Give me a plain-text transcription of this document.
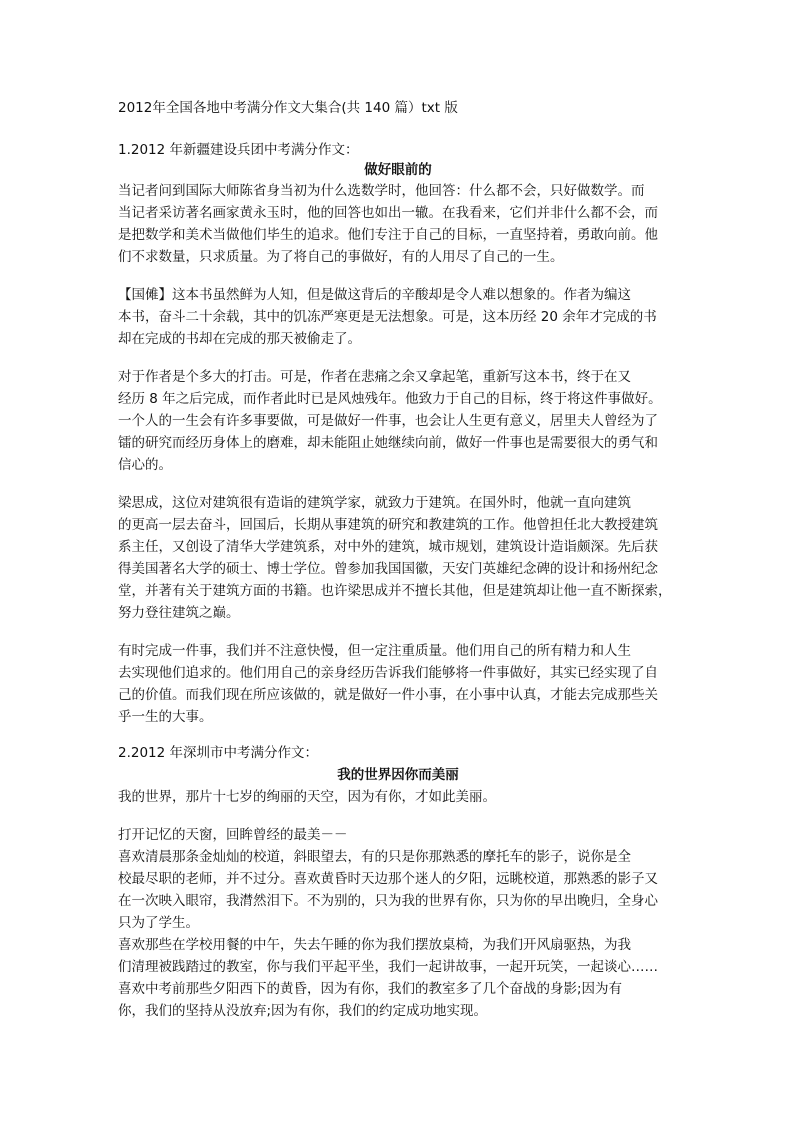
2012年全国各地中考满分作文大集合(共 140 篇）txt 版
1.2012 年新疆建设兵团中考满分作文：
做好眼前的
当记者问到国际大师陈省身当初为什么选数学时，他回答：什么都不会，只好做数学。而
当记者采访著名画家黄永玉时，他的回答也如出一辙。在我看来，它们并非什么都不会，而
是把数学和美术当做他们毕生的追求。他们专注于自己的目标，一直坚持着，勇敢向前。他
们不求数量，只求质量。为了将自己的事做好，有的人用尽了自己的一生。
【国傩】这本书虽然鲜为人知，但是做这背后的辛酸却是令人难以想象的。作者为编这
本书，奋斗二十余载，其中的饥冻严寒更是无法想象。可是，这本历经 20 余年才完成的书
却在完成的书却在完成的那天被偷走了。
对于作者是个多大的打击。可是，作者在悲痛之余又拿起笔，重新写这本书，终于在又
经历 8 年之后完成，而作者此时已是风烛残年。他致力于自己的目标，终于将这件事做好。
一个人的一生会有许多事要做，可是做好一件事，也会让人生更有意义，居里夫人曾经为了
镭的研究而经历身体上的磨难，却未能阻止她继续向前，做好一件事也是需要很大的勇气和
信心的。
梁思成，这位对建筑很有造诣的建筑学家，就致力于建筑。在国外时，他就一直向建筑
的更高一层去奋斗，回国后，长期从事建筑的研究和教建筑的工作。他曾担任北大教授建筑
系主任，又创设了清华大学建筑系，对中外的建筑，城市规划，建筑设计造诣颇深。先后获
得美国著名大学的硕士、博士学位。曾参加我国国徽，天安门英雄纪念碑的设计和扬州纪念
堂，并著有关于建筑方面的书籍。也许梁思成并不擅长其他，但是建筑却让他一直不断探索，
努力登往建筑之巅。
有时完成一件事，我们并不注意快慢，但一定注重质量。他们用自己的所有精力和人生
去实现他们追求的。他们用自己的亲身经历告诉我们能够将一件事做好，其实已经实现了自
己的价值。而我们现在所应该做的，就是做好一件小事，在小事中认真，才能去完成那些关
乎一生的大事。
2.2012 年深圳市中考满分作文：
我的世界因你而美丽
我的世界，那片十七岁的绚丽的天空，因为有你，才如此美丽。
打开记忆的天窗，回眸曾经的最美－－
喜欢清晨那条金灿灿的校道，斜眼望去，有的只是你那熟悉的摩托车的影子，说你是全
校最尽职的老师，并不过分。喜欢黄昏时天边那个迷人的夕阳，远眺校道，那熟悉的影子又
在一次映入眼帘，我潸然泪下。不为别的，只为我的世界有你，只为你的早出晚归，全身心
只为了学生。
喜欢那些在学校用餐的中午，失去午睡的你为我们摆放桌椅，为我们开风扇驱热，为我
们清理被践踏过的教室，你与我们平起平坐，我们一起讲故事，一起开玩笑，一起谈心……
喜欢中考前那些夕阳西下的黄昏，因为有你，我们的教室多了几个奋战的身影;因为有
你，我们的坚持从没放弃;因为有你，我们的约定成功地实现。
